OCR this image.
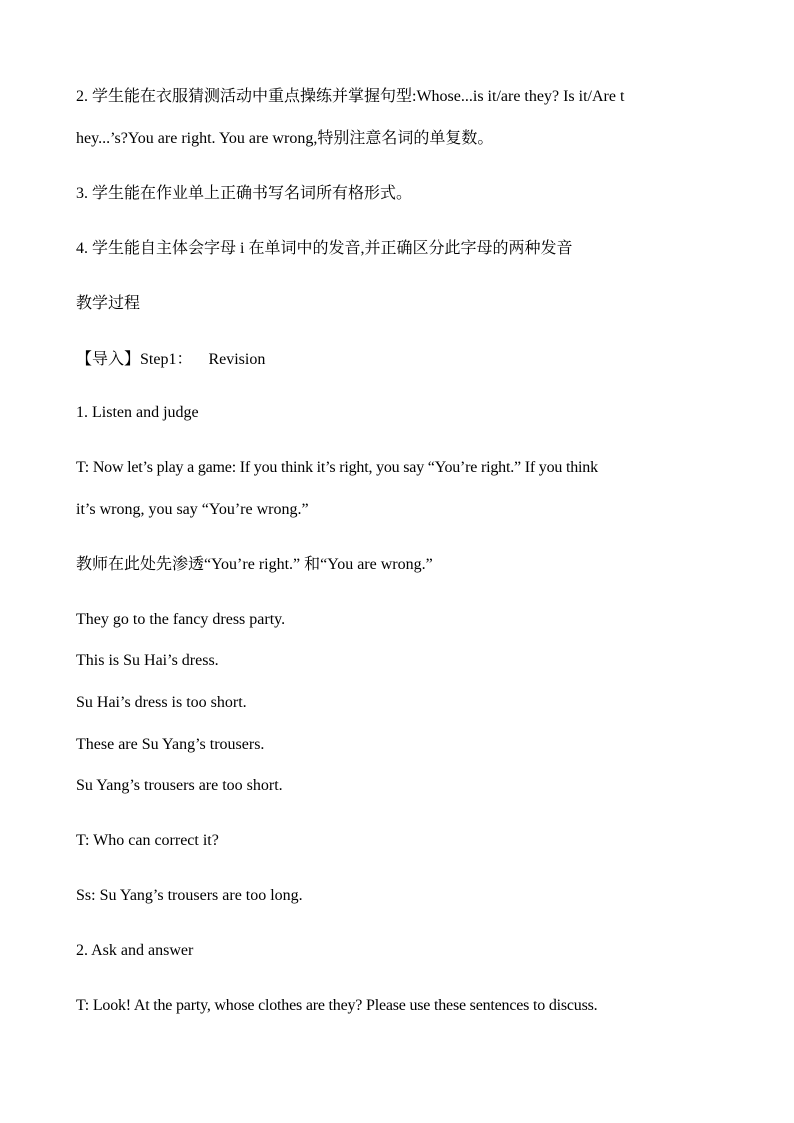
2. 学生能在衣服猜测活动中重点操练并掌握句型:Whose...is it/are they? Is it/Are t
hey...’s?You are right. You are wrong,特别注意名词的单复数。
3. 学生能在作业单上正确书写名词所有格形式。
4. 学生能自主体会字母 i 在单词中的发音,并正确区分此字母的两种发音
教学过程
【导入】Step1：    Revision
1. Listen and judge
T: Now let’s play a game: If you think it’s right, you say “You’re right.” If you think
it’s wrong, you say “You’re wrong.”
教师在此处先渗透“You’re right.” 和“You are wrong.”
They go to the fancy dress party.
This is Su Hai’s dress.
Su Hai’s dress is too short.
These are Su Yang’s trousers.
Su Yang’s trousers are too short.
T: Who can correct it?
Ss: Su Yang’s trousers are too long.
2. Ask and answer
T: Look! At the party, whose clothes are they? Please use these sentences to discuss.
